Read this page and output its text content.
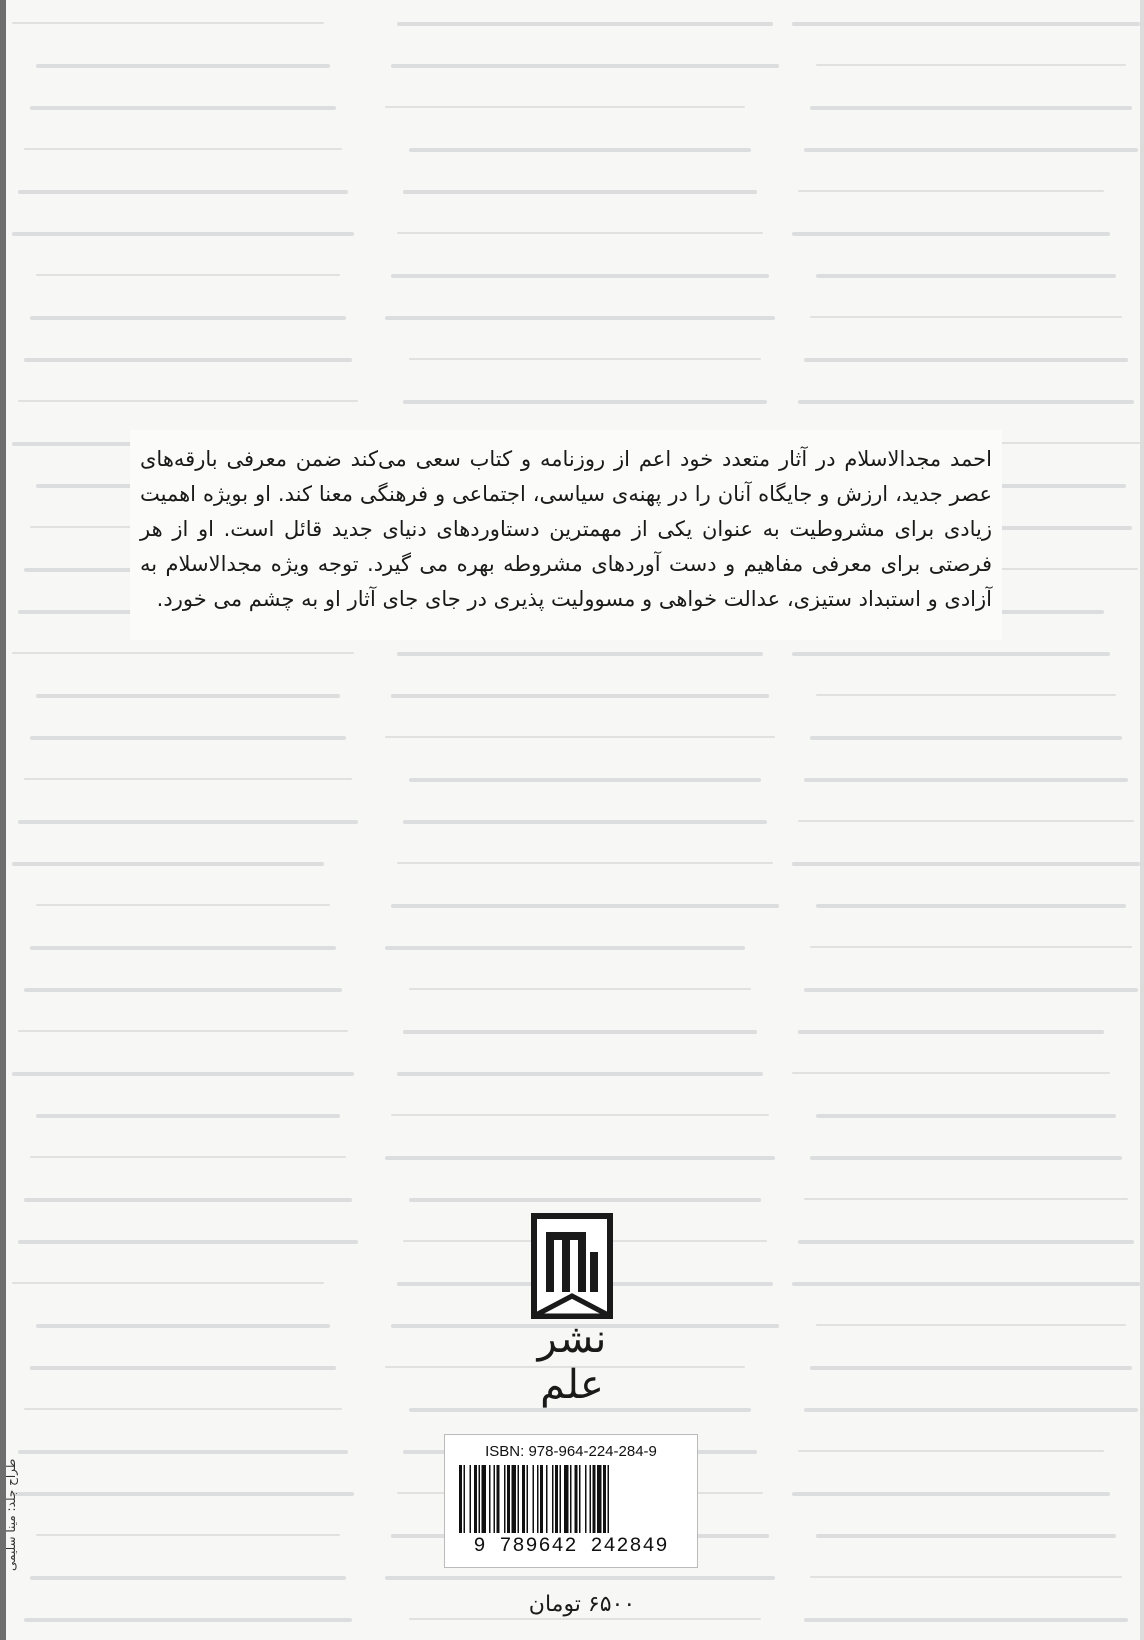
احمد مجدالاسلام در آثار متعدد خود اعم از روزنامه و کتاب سعی می‌کند ضمن معرفی بارقه‌های عصر جدید، ارزش و جایگاه آنان را در پهنه‌ی سیاسی، اجتماعی و فرهنگی معنا کند. او بویژه اهمیت زیادی برای مشروطیت به عنوان یکی از مهمترین دستاوردهای دنیای جدید قائل است. او از هر فرصتی برای معرفی مفاهیم و دست آوردهای مشروطه بهره می گیرد. توجه ویژه مجدالاسلام به آزادی و استبداد ستیزی، عدالت خواهی و مسوولیت پذیری در جای جای آثار او به چشم می خورد.

نشر علم
ISBN: 978-964-224-284-9
9 789642 242849
۶۵۰۰ تومان
طراح جلد: مینا سلیمی
